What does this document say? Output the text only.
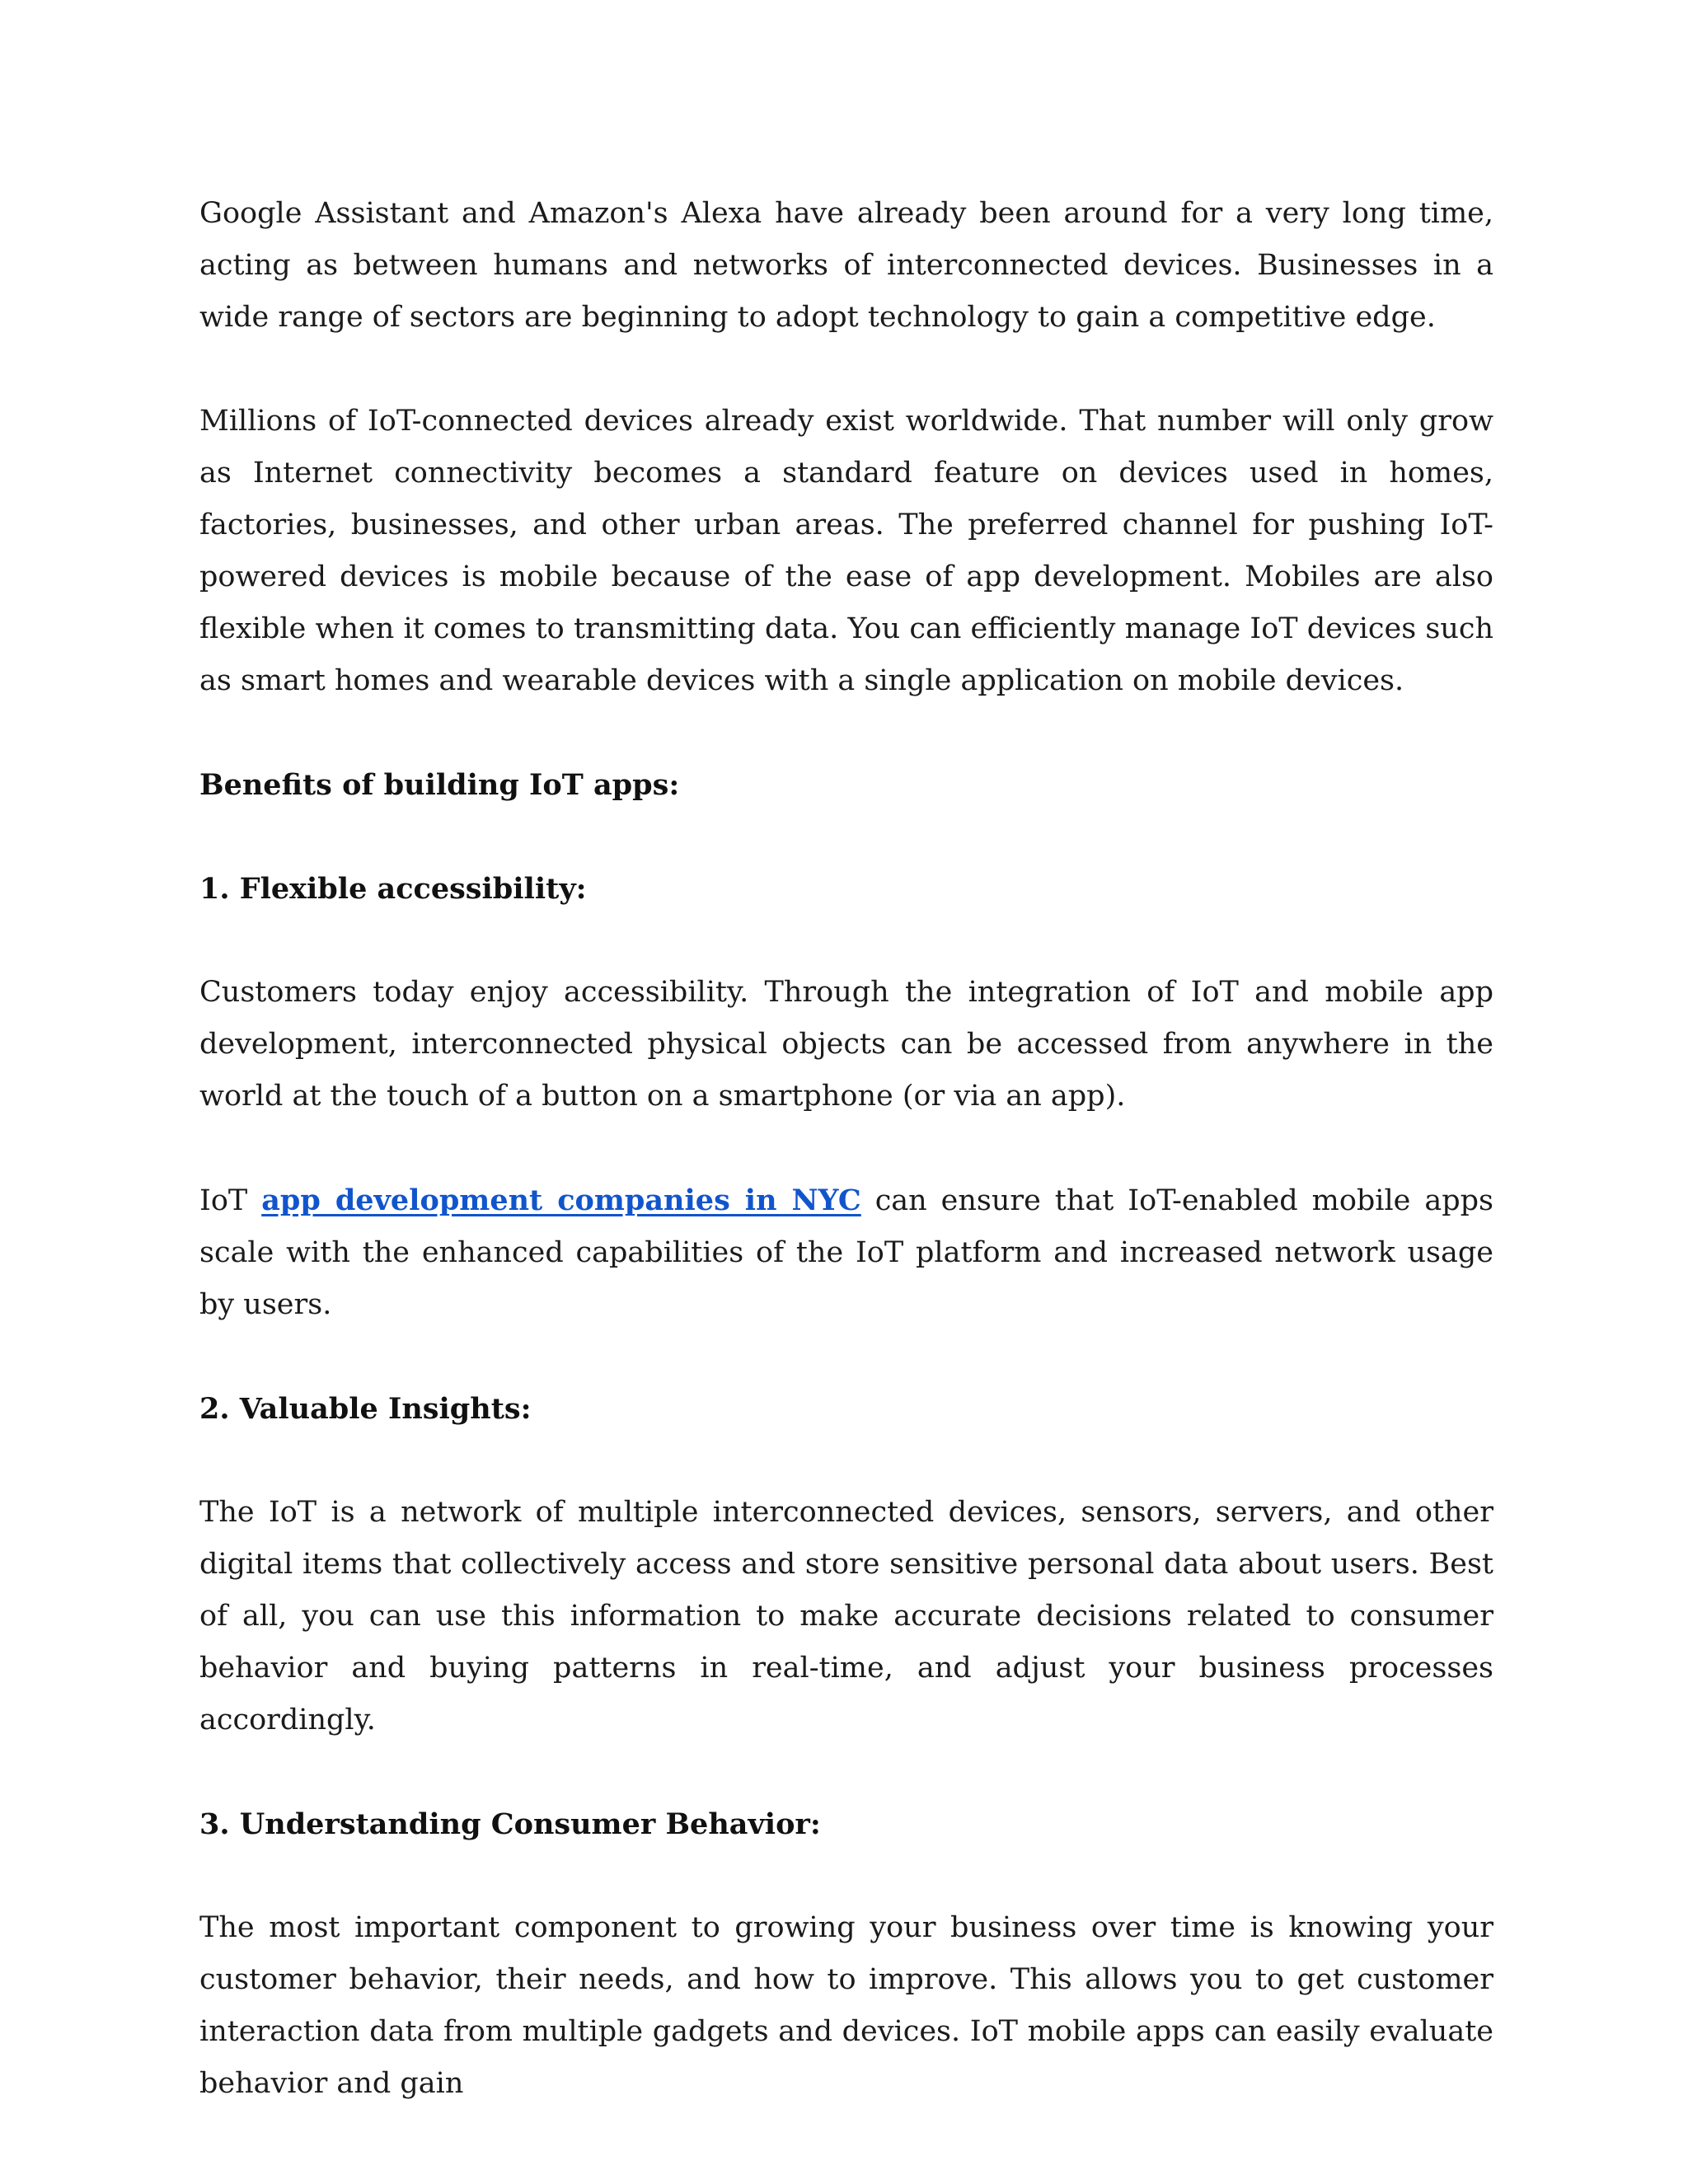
Google Assistant and Amazon's Alexa have already been around for a very long time, acting as between humans and networks of interconnected devices. Businesses in a wide range of sectors are beginning to adopt technology to gain a competitive edge.

Millions of IoT-connected devices already exist worldwide. That number will only grow as Internet connectivity becomes a standard feature on devices used in homes, factories, businesses, and other urban areas. The preferred channel for pushing IoT-powered devices is mobile because of the ease of app development. Mobiles are also flexible when it comes to transmitting data. You can efficiently manage IoT devices such as smart homes and wearable devices with a single application on mobile devices.

Benefits of building IoT apps:
1. Flexible accessibility:

Customers today enjoy accessibility. Through the integration of IoT and mobile app development, interconnected physical objects can be accessed from anywhere in the world at the touch of a button on a smartphone (or via an app).

IoT app development companies in NYC can ensure that IoT-enabled mobile apps scale with the enhanced capabilities of the IoT platform and increased network usage by users.

2. Valuable Insights:

The IoT is a network of multiple interconnected devices, sensors, servers, and other digital items that collectively access and store sensitive personal data about users. Best of all, you can use this information to make accurate decisions related to consumer behavior and buying patterns in real-time, and adjust your business processes accordingly.

3. Understanding Consumer Behavior:

The most important component to growing your business over time is knowing your customer behavior, their needs, and how to improve. This allows you to get customer interaction data from multiple gadgets and devices. IoT mobile apps can easily evaluate behavior and gain
